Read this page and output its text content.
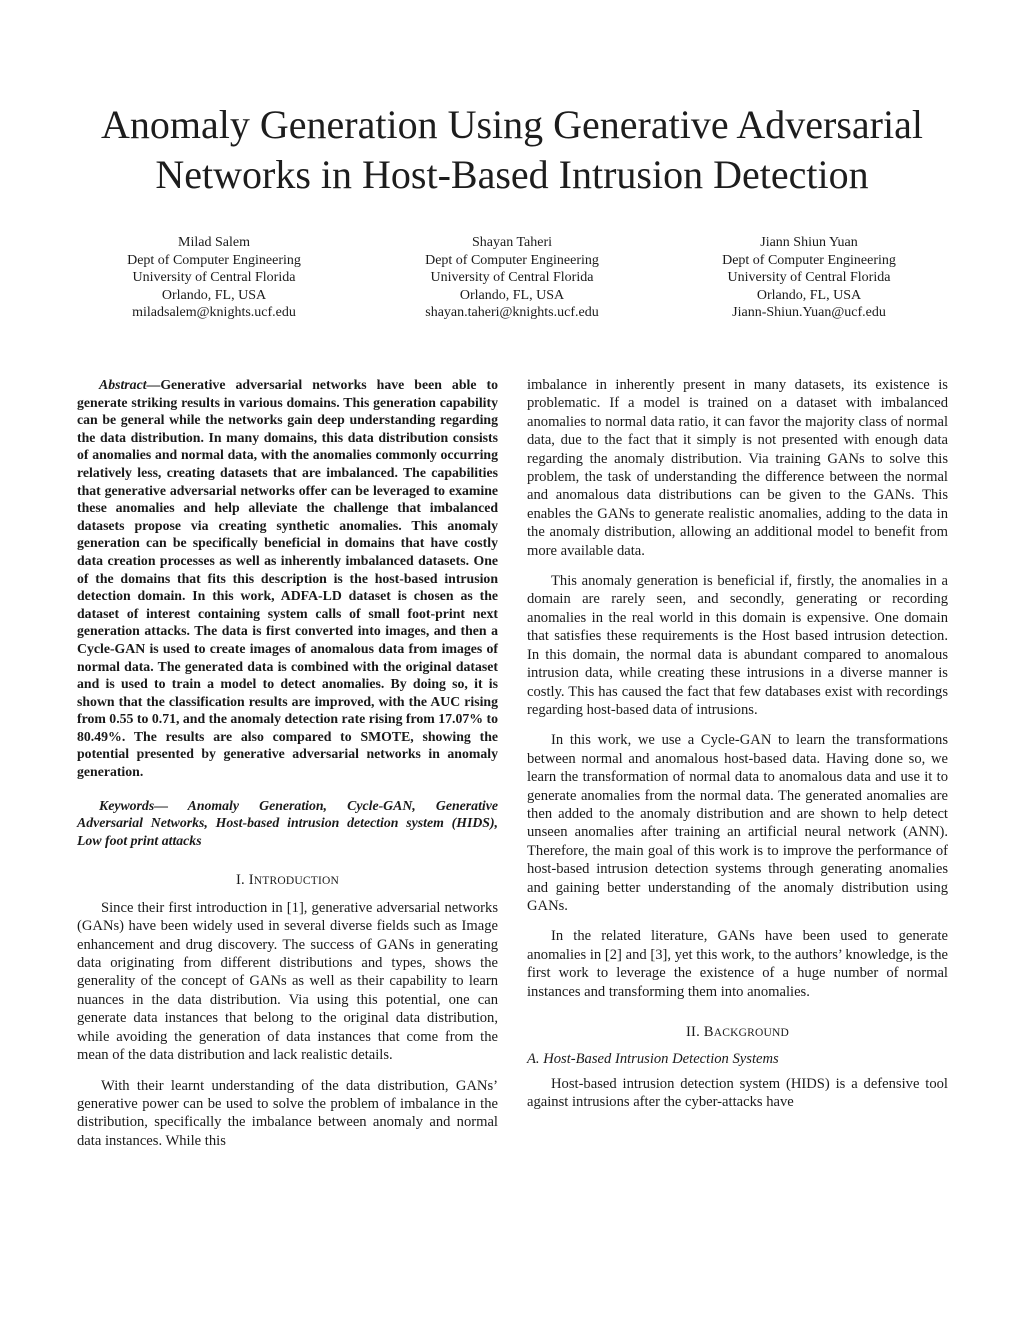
Anomaly Generation Using Generative Adversarial
Networks in Host-Based Intrusion Detection
Milad Salem
Dept of Computer Engineering
University of Central Florida
Orlando, FL, USA
miladsalem@knights.ucf.edu
Shayan Taheri
Dept of Computer Engineering
University of Central Florida
Orlando, FL, USA
shayan.taheri@knights.ucf.edu
Jiann Shiun Yuan
Dept of Computer Engineering
University of Central Florida
Orlando, FL, USA
Jiann-Shiun.Yuan@ucf.edu

Abstract—Generative adversarial networks have been able to generate striking results in various domains. This generation capability can be general while the networks gain deep understanding regarding the data distribution. In many domains, this data distribution consists of anomalies and normal data, with the anomalies commonly occurring relatively less, creating datasets that are imbalanced. The capabilities that generative adversarial networks offer can be leveraged to examine these anomalies and help alleviate the challenge that imbalanced datasets propose via creating synthetic anomalies. This anomaly generation can be specifically beneficial in domains that have costly data creation processes as well as inherently imbalanced datasets. One of the domains that fits this description is the host-based intrusion detection domain. In this work, ADFA-LD dataset is chosen as the dataset of interest containing system calls of small foot-print next generation attacks. The data is first converted into images, and then a Cycle-GAN is used to create images of anomalous data from images of normal data. The generated data is combined with the original dataset and is used to train a model to detect anomalies. By doing so, it is shown that the classification results are improved, with the AUC rising from 0.55 to 0.71, and the anomaly detection rate rising from 17.07% to 80.49%. The results are also compared to SMOTE, showing the potential presented by generative adversarial networks in anomaly generation.

Keywords— Anomaly Generation, Cycle-GAN, Generative Adversarial Networks, Host-based intrusion detection system (HIDS), Low foot print attacks

I. INTRODUCTION

Since their first introduction in [1], generative adversarial networks (GANs) have been widely used in several diverse fields such as Image enhancement and drug discovery. The success of GANs in generating data originating from different distributions and types, shows the generality of the concept of GANs as well as their capability to learn nuances in the data distribution. Via using this potential, one can generate data instances that belong to the original data distribution, while avoiding the generation of data instances that come from the mean of the data distribution and lack realistic details.

With their learnt understanding of the data distribution, GANs’ generative power can be used to solve the problem of imbalance in the distribution, specifically the imbalance between anomaly and normal data instances. While this

imbalance in inherently present in many datasets, its existence is problematic. If a model is trained on a dataset with imbalanced anomalies to normal data ratio, it can favor the majority class of normal data, due to the fact that it simply is not presented with enough data regarding the anomaly distribution. Via training GANs to solve this problem, the task of understanding the difference between the normal and anomalous data distributions can be given to the GANs. This enables the GANs to generate realistic anomalies, adding to the data in the anomaly distribution, allowing an additional model to benefit from more available data.

This anomaly generation is beneficial if, firstly, the anomalies in a domain are rarely seen, and secondly, generating or recording anomalies in the real world in this domain is expensive. One domain that satisfies these requirements is the Host based intrusion detection. In this domain, the normal data is abundant compared to anomalous intrusion data, while creating these intrusions in a diverse manner is costly. This has caused the fact that few databases exist with recordings regarding host-based data of intrusions.

In this work, we use a Cycle-GAN to learn the transformations between normal and anomalous host-based data. Having done so, we learn the transformation of normal data to anomalous data and use it to generate anomalies from the normal data. The generated anomalies are then added to the anomaly distribution and are shown to help detect unseen anomalies after training an artificial neural network (ANN). Therefore, the main goal of this work is to improve the performance of host-based intrusion detection systems through generating anomalies and gaining better understanding of the anomaly distribution using GANs.

In the related literature, GANs have been used to generate anomalies in [2] and [3], yet this work, to the authors’ knowledge, is the first work to leverage the existence of a huge number of normal instances and transforming them into anomalies.

II. BACKGROUND
A. Host-Based Intrusion Detection Systems

Host-based intrusion detection system (HIDS) is a defensive tool against intrusions after the cyber-attacks have
